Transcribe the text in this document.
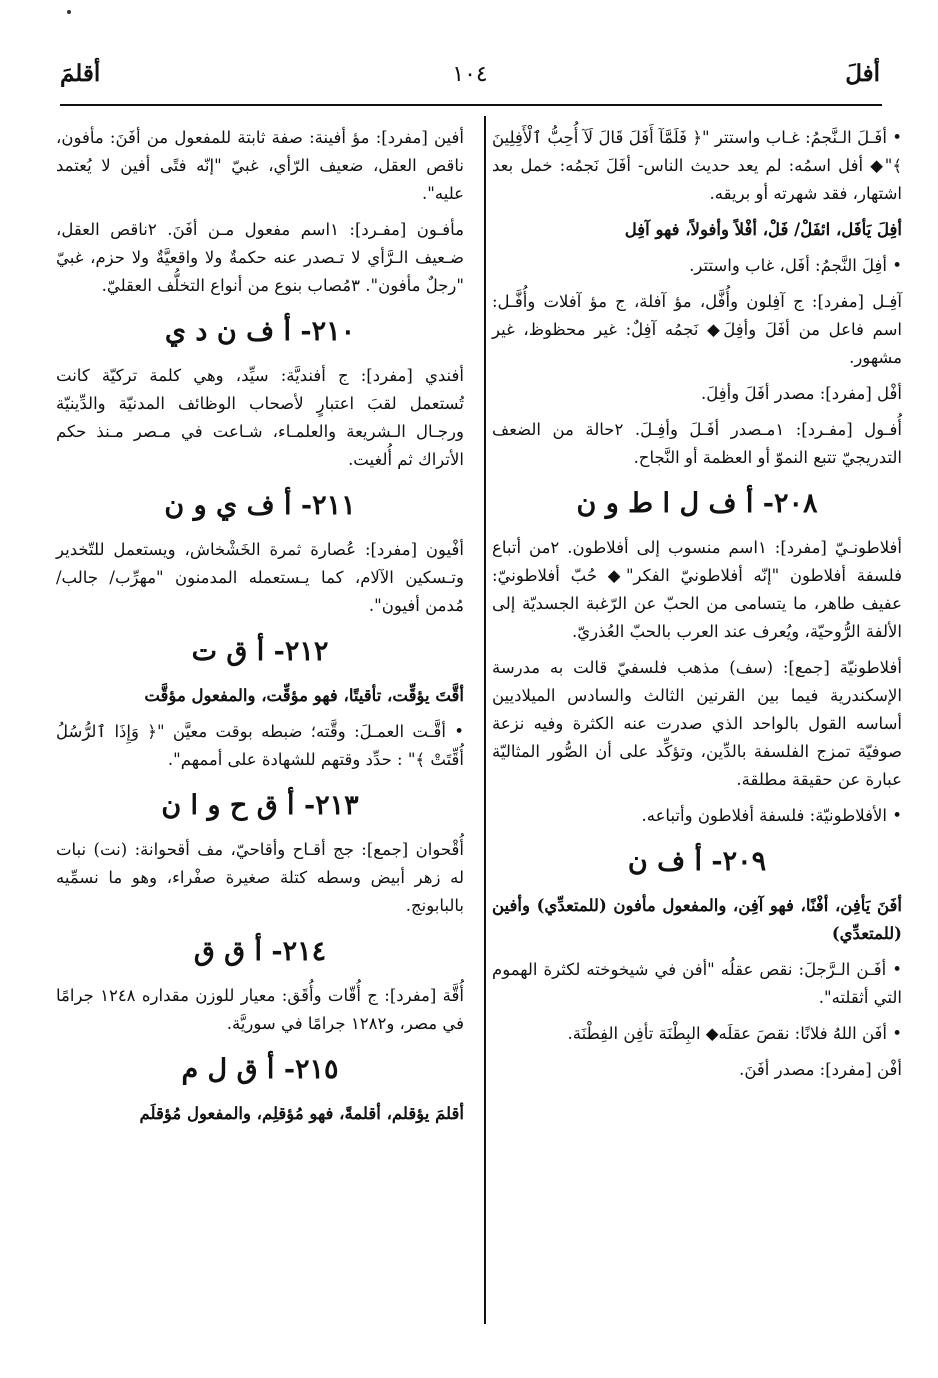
أفلَ
١٠٤
أقلمَ

• أفَـلَ الـنَّجمُ: غـاب واستتر "﴿ فَلَمَّآ أَفَلَ قَالَ لَآ أُحِبُّ ٱلْأَفِلِينَ ﴾"◆ أفل اسمُه: لم يعد حديث الناس- أفَلَ نَجمُه: خمل بعد اشتهار، فقد شهرته أو بريقه.

أفِلَ يَأفَل، ائفَلْ/ فَلْ، أفْلاً وأفولاً، فهو آفِل

• أفِلَ النَّجمُ: أفَل، غاب واستتر.

آفِـل [مفرد]: ج آفِلون وأُفَّل، مؤ آفلة، ج مؤ آفلات وأُفَّـل: اسم فاعل من أفَلَ وأفِلَ◆ نَجمُه آفِلٌ: غير محظوظ، غير مشهور.

أفْل [مفرد]: مصدر أفَلَ وأفِلَ.

أُفـول [مفـرد]: ١مـصدر أفَـلَ وأفِـلَ. ٢حالة من الضعف التدريجيّ تتبع النموّ أو العظمة أو النَّجاح.

٢٠٨- أ ف ل ا ط و ن

أفلاطونـيّ [مفرد]: ١اسم منسوب إلى أفلاطون. ٢من أتباع فلسفة أفلاطون "إنّه أفلاطونيّ الفكر"◆ حُبّ أفلاطونيّ: عفيف طاهر، ما يتسامى من الحبّ عن الرّغبة الجسديّة إلى الألفة الرُّوحيّة، ويُعرف عند العرب بالحبّ العُذريّ.

أفلاطونيّة [جمع]: (سف) مذهب فلسفيّ قالت به مدرسة الإسكندرية فيما بين القرنين الثالث والسادس الميلاديين أساسه القول بالواحد الذي صدرت عنه الكثرة وفيه نزعة صوفيّة تمزج الفلسفة بالدِّين، وتؤكِّد على أن الصُّور المثاليّة عبارة عن حقيقة مطلقة.

• الأفلاطونيّة: فلسفة أفلاطون وأتباعه.

٢٠٩- أ ف ن

أفَنَ يَأفِن، أفْنًا، فهو آفِن، والمفعول مأفون (للمتعدِّي) وأفين (للمتعدِّي)

• أفَـن الـرَّجلَ: نقص عقلُه "أفن في شيخوخته لكثرة الهموم التي أثقلته".

• أفَن اللهُ فلانًا: نقصَ عقلَه◆ البِطْنَة تأفِن الفِطْنَة.

أفْن [مفرد]: مصدر أفَنَ.

أفين [مفرد]: مؤ أفينة: صفة ثابتة للمفعول من أفَنَ: مأفون، ناقص العقل، ضعيف الرّأي، غبيّ "إنّه فتًى أفين لا يُعتمد عليه".

مأفـون [مفـرد]: ١اسم مفعول مـن أفَنَ. ٢ناقص العقل، ضـعيف الـرَّأي لا تـصدر عنه حكمةٌ ولا واقعيَّةٌ ولا حزم، غبيّ "رجلٌ مأفون". ٣مُصاب بنوع من أنواع التخلُّف العقليّ.

٢١٠- أ ف ن د ي

أفندي [مفرد]: ج أفنديَّة: سيِّد، وهي كلمة تركيّة كانت تُستعمل لقبَ اعتبارٍ لأصحاب الوظائف المدنيّة والدِّينيّة ورجـال الـشريعة والعلمـاء، شـاعت في مـصر مـنذ حكم الأتراك ثم أُلغيت.

٢١١- أ ف ي و ن

أفْيون [مفرد]: عُصارة ثمرة الخَشْخاش، ويستعمل للتّخدير وتـسكين الآلام، كما يـستعمله المدمنون "مهرِّب/ جالب/ مُدمن أفيون".

٢١٢- أ ق ت

أقَّتَ يؤقِّت، تأقيتًا، فهو مؤقِّت، والمفعول مؤقَّت

• أقَّـت العمـلَ: وقَّته؛ ضبطه بوقت معيَّن "﴿ وَإِذَا ٱلرُّسُلُ أُقِّتَتْ ﴾" : حدِّد وقتهم للشهادة على أممهم".

٢١٣- أ ق ح و ا ن

أُقْحوان [جمع]: جج أقـاح وأقاحيّ، مف أقحوانة: (نت) نبات له زهر أبيض وسطه كتلة صغيرة صفْراء، وهو ما نسمِّيه بالبابونج.

٢١٤- أ ق ق

أُقَّة [مفرد]: ج أُقّات وأُقَق: معيار للوزن مقداره ١٢٤٨ جرامًا في مصر، و١٢٨٢ جرامًا في سوريَّة.

٢١٥- أ ق ل م

أقلمَ يؤقلم، أقلمةً، فهو مُؤقلِم، والمفعول مُؤقلَم
